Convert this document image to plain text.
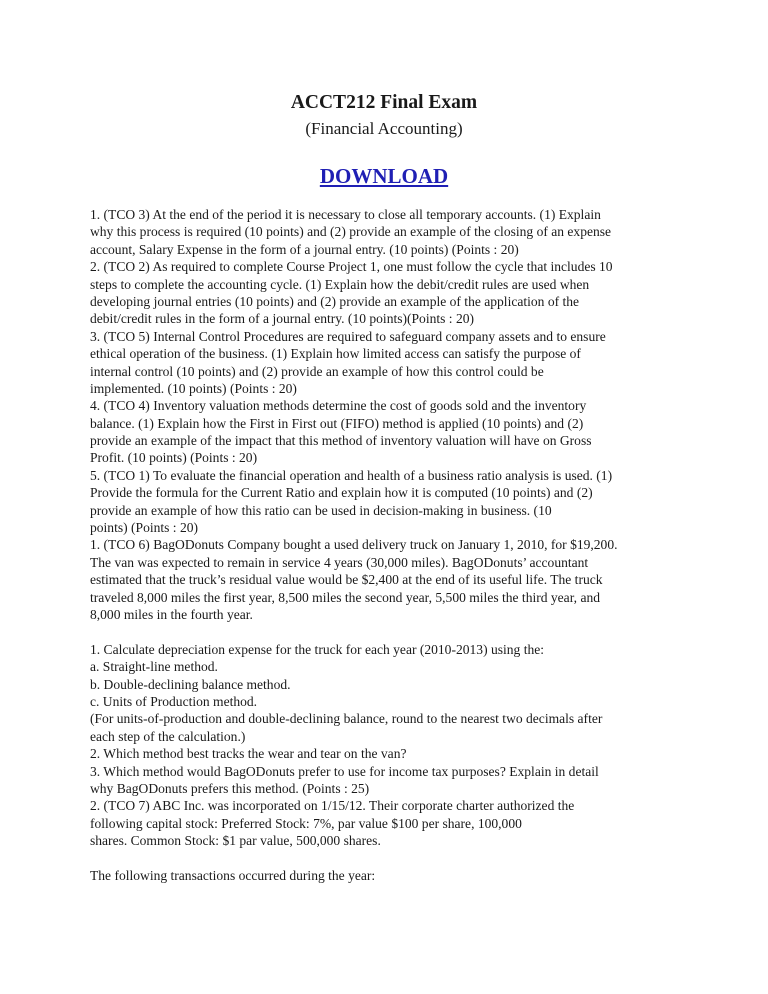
ACCT212 Final Exam
(Financial Accounting)
DOWNLOAD
1. (TCO 3) At the end of the period it is necessary to close all temporary accounts. (1) Explain
why this process is required (10 points) and (2) provide an example of the closing of an expense
account, Salary Expense in the form of a journal entry. (10 points) (Points : 20)
2. (TCO 2) As required to complete Course Project 1, one must follow the cycle that includes 10
steps to complete the accounting cycle. (1) Explain how the debit/credit rules are used when
developing journal entries (10 points) and (2) provide an example of the application of the
debit/credit rules in the form of a journal entry. (10 points)(Points : 20)
3. (TCO 5) Internal Control Procedures are required to safeguard company assets and to ensure
ethical operation of the business. (1) Explain how limited access can satisfy the purpose of
internal control (10 points) and (2) provide an example of how this control could be
implemented. (10 points) (Points : 20)
4. (TCO 4) Inventory valuation methods determine the cost of goods sold and the inventory
balance. (1) Explain how the First in First out (FIFO) method is applied (10 points) and (2)
provide an example of the impact that this method of inventory valuation will have on Gross
Profit. (10 points) (Points : 20)
5. (TCO 1) To evaluate the financial operation and health of a business ratio analysis is used. (1)
Provide the formula for the Current Ratio and explain how it is computed (10 points) and (2)
provide an example of how this ratio can be used in decision-making in business. (10
points) (Points : 20)
1. (TCO 6) BagODonuts Company bought a used delivery truck on January 1, 2010, for $19,200.
The van was expected to remain in service 4 years (30,000 miles). BagODonuts’ accountant
estimated that the truck’s residual value would be $2,400 at the end of its useful life. The truck
traveled 8,000 miles the first year, 8,500 miles the second year, 5,500 miles the third year, and
8,000 miles in the fourth year.
1. Calculate depreciation expense for the truck for each year (2010-2013) using the:
a. Straight-line method.
b. Double-declining balance method.
c. Units of Production method.
(For units-of-production and double-declining balance, round to the nearest two decimals after
each step of the calculation.)
2. Which method best tracks the wear and tear on the van?
3. Which method would BagODonuts prefer to use for income tax purposes? Explain in detail
why BagODonuts prefers this method. (Points : 25)
2. (TCO 7) ABC Inc. was incorporated on 1/15/12. Their corporate charter authorized the
following capital stock: Preferred Stock: 7%, par value $100 per share, 100,000
shares. Common Stock: $1 par value, 500,000 shares.
The following transactions occurred during the year:
